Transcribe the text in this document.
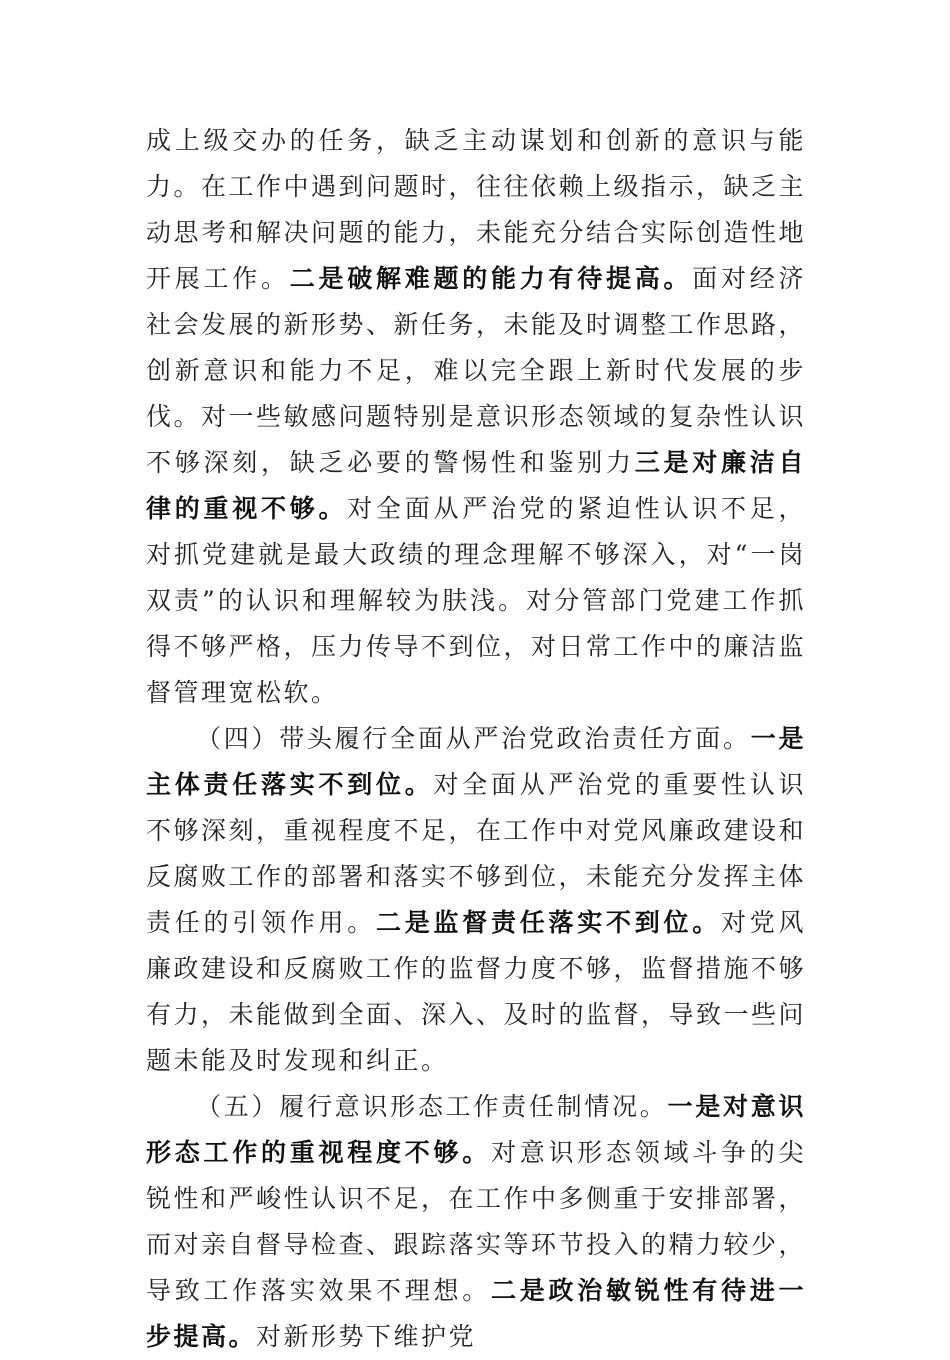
成上级交办的任务，缺乏主动谋划和创新的意识与能力。在工作中遇到问题时，往往依赖上级指示，缺乏主动思考和解决问题的能力，未能充分结合实际创造性地开展工作。二是破解难题的能力有待提高。面对经济社会发展的新形势、新任务，未能及时调整工作思路，创新意识和能力不足，难以完全跟上新时代发展的步伐。对一些敏感问题特别是意识形态领域的复杂性认识不够深刻，缺乏必要的警惕性和鉴别力三是对廉洁自律的重视不够。对全面从严治党的紧迫性认识不足，对抓党建就是最大政绩的理念理解不够深入，对“一岗双责”的认识和理解较为肤浅。对分管部门党建工作抓得不够严格，压力传导不到位，对日常工作中的廉洁监督管理宽松软。

（四）带头履行全面从严治党政治责任方面。一是主体责任落实不到位。对全面从严治党的重要性认识不够深刻，重视程度不足，在工作中对党风廉政建设和反腐败工作的部署和落实不够到位，未能充分发挥主体责任的引领作用。二是监督责任落实不到位。对党风廉政建设和反腐败工作的监督力度不够，监督措施不够有力，未能做到全面、深入、及时的监督，导致一些问题未能及时发现和纠正。

（五）履行意识形态工作责任制情况。一是对意识形态工作的重视程度不够。对意识形态领域斗争的尖锐性和严峻性认识不足，在工作中多侧重于安排部署，而对亲自督导检查、跟踪落实等环节投入的精力较少，导致工作落实效果不理想。二是政治敏锐性有待进一步提高。对新形势下维护党
